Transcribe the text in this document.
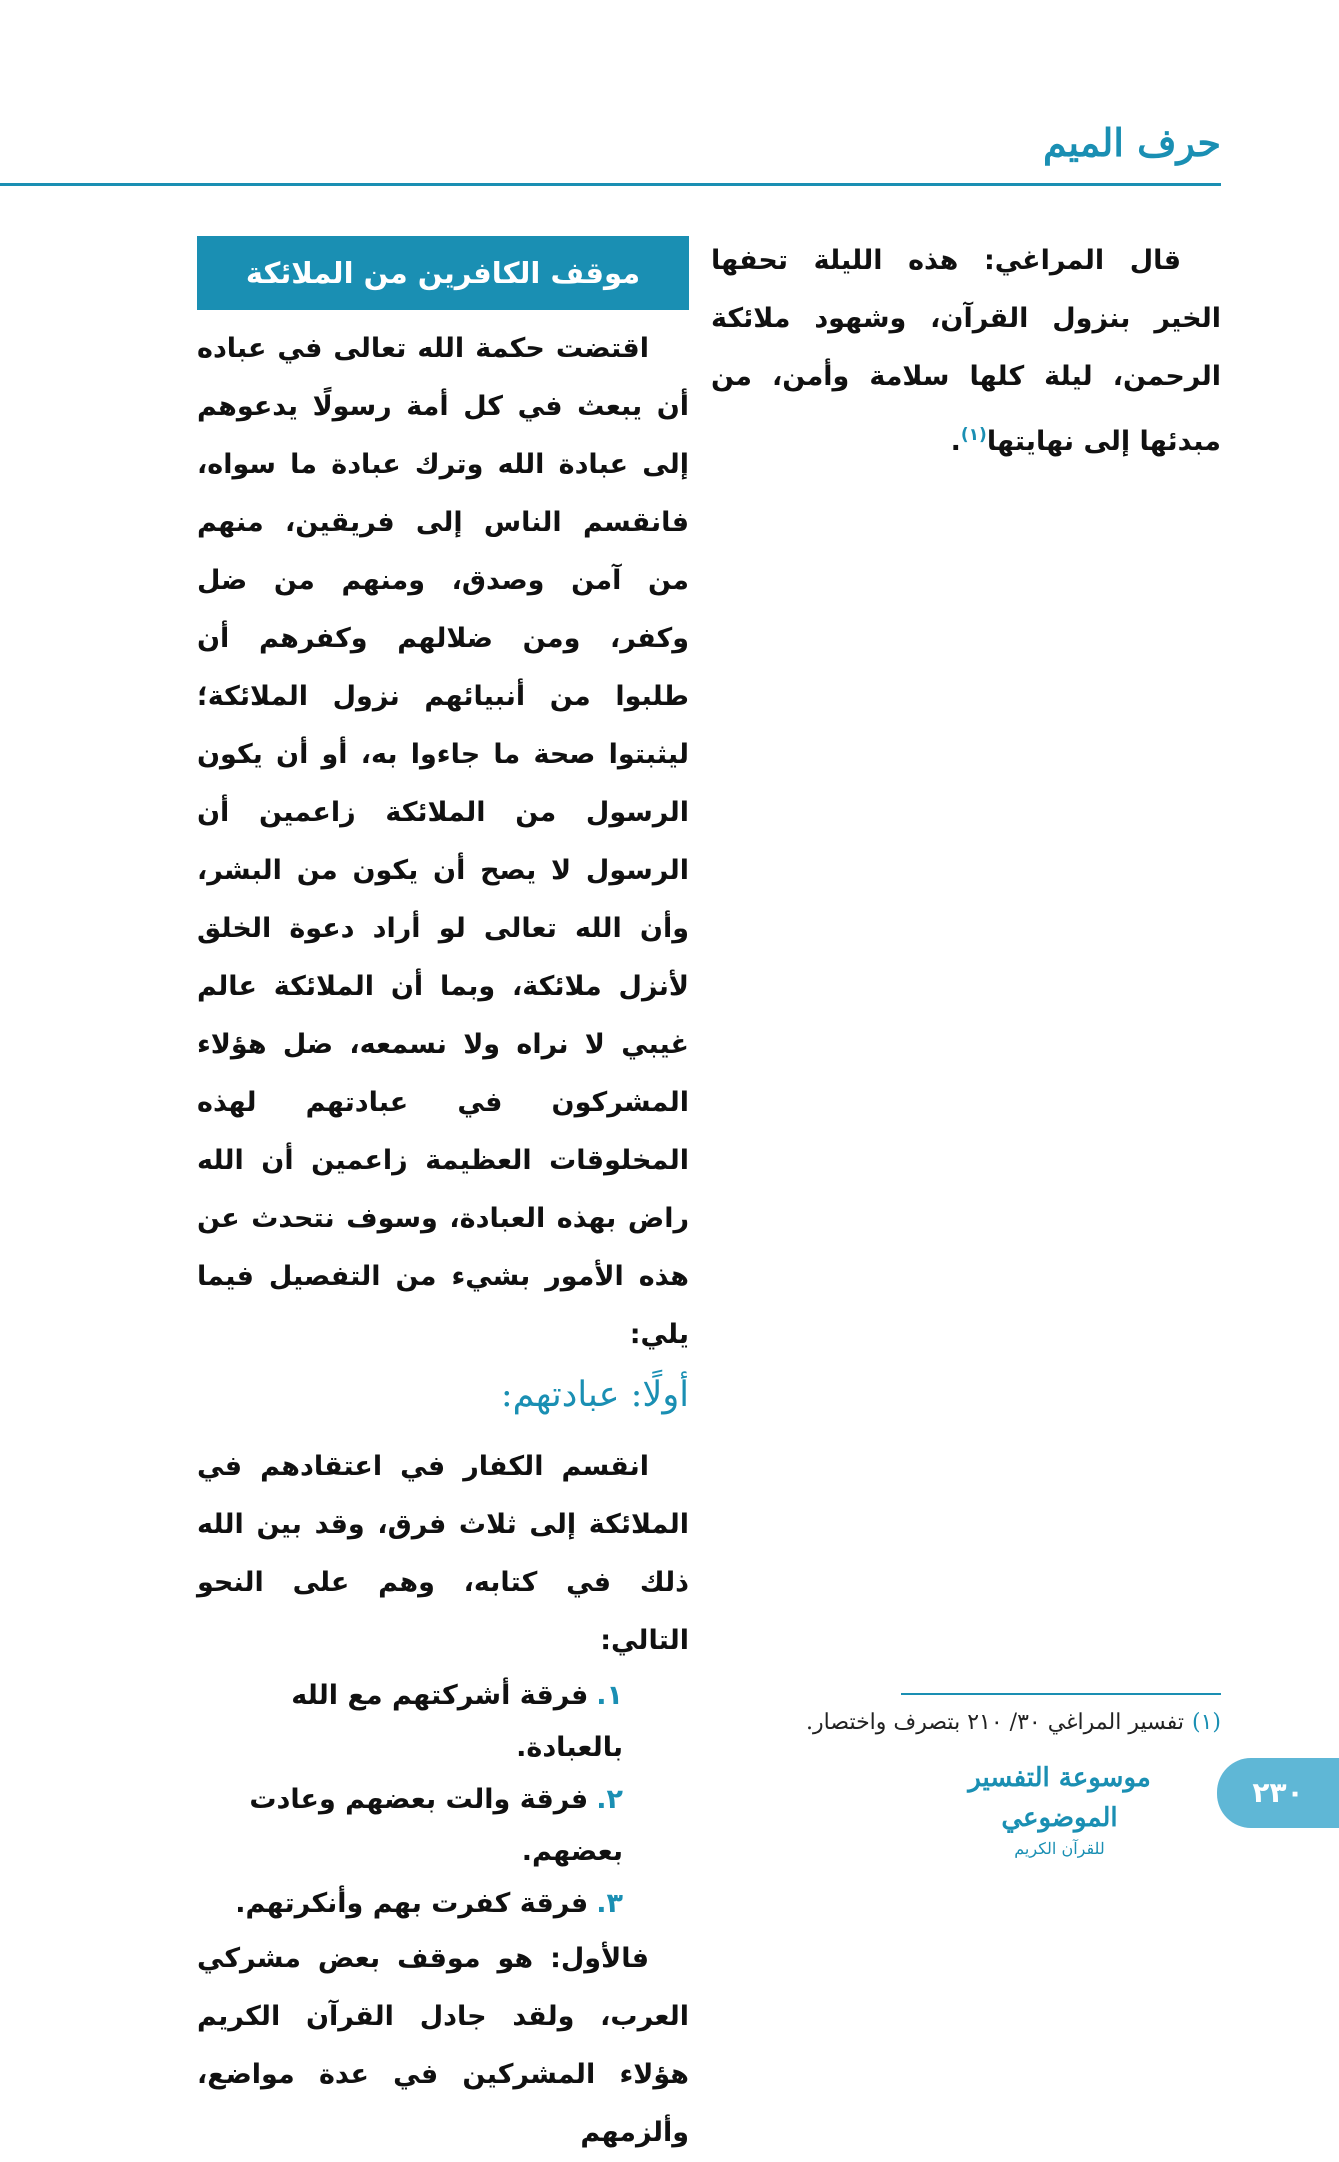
حرف الميم

قال المراغي: هذه الليلة تحفها الخير بنزول القرآن، وشهود ملائكة الرحمن، ليلة كلها سلامة وأمن، من مبدئها إلى نهايتها$^{(١)}$.

موقف الكافرين من الملائكة

اقتضت حكمة الله تعالى في عباده أن يبعث في كل أمة رسولًا يدعوهم إلى عبادة الله وترك عبادة ما سواه، فانقسم الناس إلى فريقين، منهم من آمن وصدق، ومنهم من ضل وكفر، ومن ضلالهم وكفرهم أن طلبوا من أنبيائهم نزول الملائكة؛ ليثبتوا صحة ما جاءوا به، أو أن يكون الرسول من الملائكة زاعمين أن الرسول لا يصح أن يكون من البشر، وأن الله تعالى لو أراد دعوة الخلق لأنزل ملائكة، وبما أن الملائكة عالم غيبي لا نراه ولا نسمعه، ضل هؤلاء المشركون في عبادتهم لهذه المخلوقات العظيمة زاعمين أن الله راض بهذه العبادة، وسوف نتحدث عن هذه الأمور بشيء من التفصيل فيما يلي:

أولًا: عبادتهم:

انقسم الكفار في اعتقادهم في الملائكة إلى ثلاث فرق، وقد بين الله ذلك في كتابه، وهم على النحو التالي:

١.فرقة أشركتهم مع الله بالعبادة.
٢.فرقة والت بعضهم وعادت بعضهم.
٣.فرقة كفرت بهم وأنكرتهم.

فالأول: هو موقف بعض مشركي العرب، ولقد جادل القرآن الكريم هؤلاء المشركين في عدة مواضع، وألزمهم

(١)تفسير المراغي ٣٠/ ٢١٠ بتصرف واختصار.
موسوعة التفسير الموضوعي
للقرآن الكريم
٢٣٠
